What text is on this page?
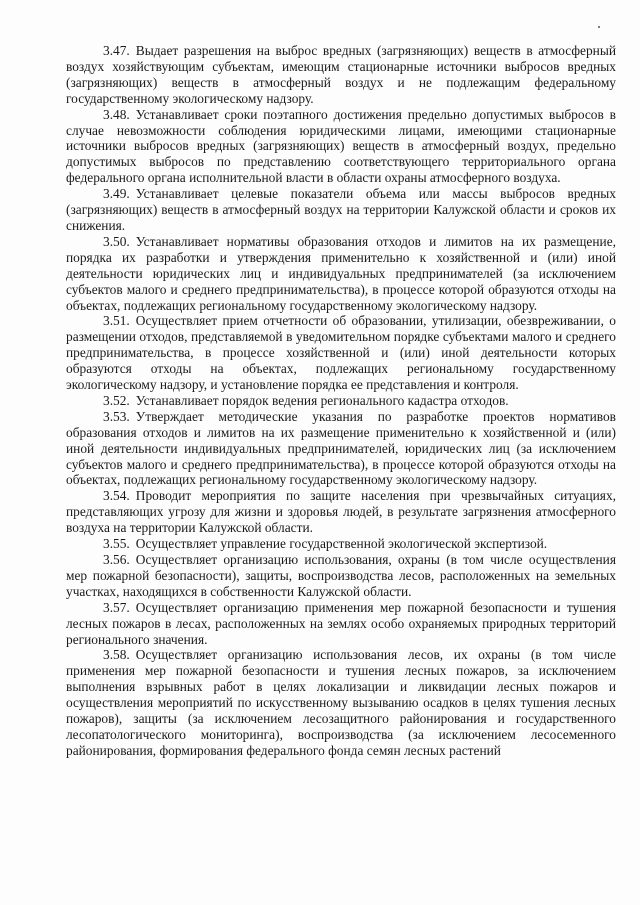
3.47. Выдает разрешения на выброс вредных (загрязняющих) веществ в атмосферный воздух хозяйствующим субъектам, имеющим стационарные источники выбросов вредных (загрязняющих) веществ в атмосферный воздух и не подлежащим федеральному государственному экологическому надзору.

3.48. Устанавливает сроки поэтапного достижения предельно допустимых выбросов в случае невозможности соблюдения юридическими лицами, имеющими стационарные источники выбросов вредных (загрязняющих) веществ в атмосферный воздух, предельно допустимых выбросов по представлению соответствующего территориального органа федерального органа исполнительной власти в области охраны атмосферного воздуха.

3.49. Устанавливает целевые показатели объема или массы выбросов вредных (загрязняющих) веществ в атмосферный воздух на территории Калужской области и сроков их снижения.

3.50. Устанавливает нормативы образования отходов и лимитов на их размещение, порядка их разработки и утверждения применительно к хозяйственной и (или) иной деятельности юридических лиц и индивидуальных предпринимателей (за исключением субъектов малого и среднего предпринимательства), в процессе которой образуются отходы на объектах, подлежащих региональному государственному экологическому надзору.

3.51. Осуществляет прием отчетности об образовании, утилизации, обезвреживании, о размещении отходов, представляемой в уведомительном порядке субъектами малого и среднего предпринимательства, в процессе хозяйственной и (или) иной деятельности которых образуются отходы на объектах, подлежащих региональному государственному экологическому надзору, и установление порядка ее представления и контроля.

3.52. Устанавливает порядок ведения регионального кадастра отходов.

3.53. Утверждает методические указания по разработке проектов нормативов образования отходов и лимитов на их размещение применительно к хозяйственной и (или) иной деятельности индивидуальных предпринимателей, юридических лиц (за исключением субъектов малого и среднего предпринимательства), в процессе которой образуются отходы на объектах, подлежащих региональному государственному экологическому надзору.

3.54. Проводит мероприятия по защите населения при чрезвычайных ситуациях, представляющих угрозу для жизни и здоровья людей, в результате загрязнения атмосферного воздуха на территории Калужской области.

3.55. Осуществляет управление государственной экологической экспертизой.

3.56. Осуществляет организацию использования, охраны (в том числе осуществления мер пожарной безопасности), защиты, воспроизводства лесов, расположенных на земельных участках, находящихся в собственности Калужской области.

3.57. Осуществляет организацию применения мер пожарной безопасности и тушения лесных пожаров в лесах, расположенных на землях особо охраняемых природных территорий регионального значения.

3.58. Осуществляет организацию использования лесов, их охраны (в том числе применения мер пожарной безопасности и тушения лесных пожаров, за исключением выполнения взрывных работ в целях локализации и ликвидации лесных пожаров и осуществления мероприятий по искусственному вызыванию осадков в целях тушения лесных пожаров), защиты (за исключением лесозащитного районирования и государственного лесопатологического мониторинга), воспроизводства (за исключением лесосеменного районирования, формирования федерального фонда семян лесных растений
